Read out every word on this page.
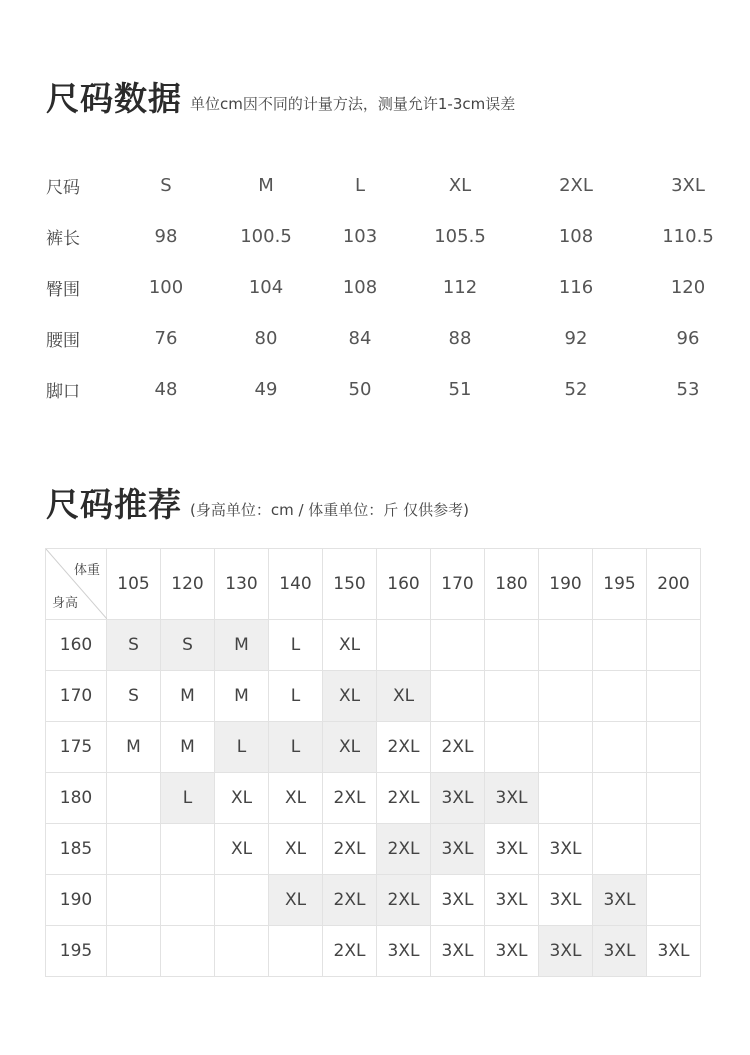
尺码数据 单位cm因不同的计量方法，测量允许1-3cm误差
尺码	S	M	L	XL	2XL	3XL
裤长	98	100.5	103	105.5	108	110.5
臀围	100	104	108	112	116	120
腰围	76	80	84	88	92	96
脚口	48	49	50	51	52	53
尺码推荐 (身高单位：cm / 体重单位：斤 仅供参考)
体重
身高	105	120	130	140	150	160	170	180	190	195	200
160	S	S	M	L	XL						
170	S	M	M	L	XL	XL					
175	M	M	L	L	XL	2XL	2XL				
180		L	XL	XL	2XL	2XL	3XL	3XL			
185			XL	XL	2XL	2XL	3XL	3XL	3XL		
190				XL	2XL	2XL	3XL	3XL	3XL	3XL	
195					2XL	3XL	3XL	3XL	3XL	3XL	3XL
